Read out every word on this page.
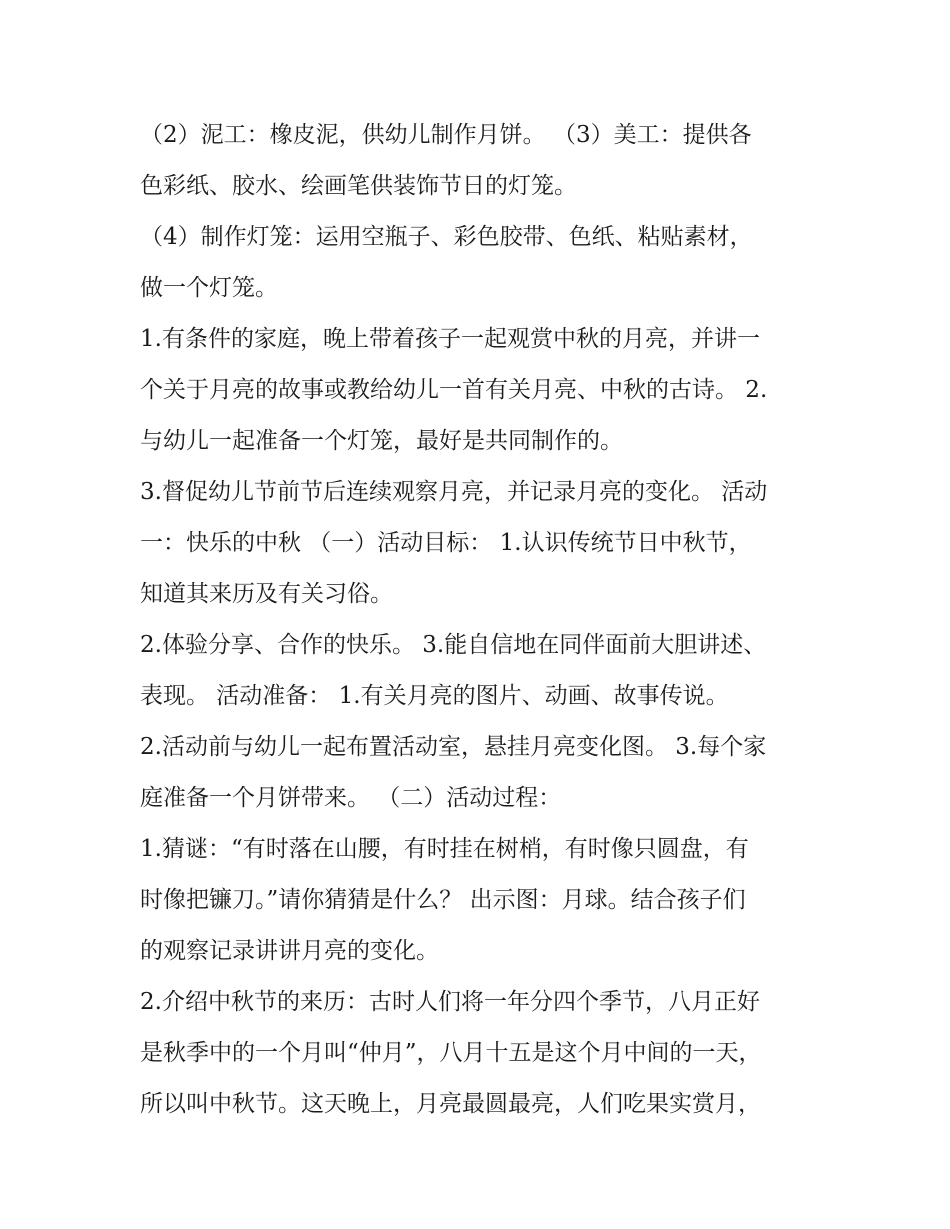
（2）泥工：橡皮泥，供幼儿制作月饼。 （3）美工：提供各
色彩纸、胶水、绘画笔供装饰节日的灯笼。
（4）制作灯笼：运用空瓶子、彩色胶带、色纸、粘贴素材，
做一个灯笼。
1.有条件的家庭，晚上带着孩子一起观赏中秋的月亮，并讲一
个关于月亮的故事或教给幼儿一首有关月亮、中秋的古诗。 2.
与幼儿一起准备一个灯笼，最好是共同制作的。
3.督促幼儿节前节后连续观察月亮，并记录月亮的变化。 活动
一：快乐的中秋 （一）活动目标： 1.认识传统节日中秋节，
知道其来历及有关习俗。
2.体验分享、合作的快乐。 3.能自信地在同伴面前大胆讲述、
表现。 活动准备： 1.有关月亮的图片、动画、故事传说。
2.活动前与幼儿一起布置活动室，悬挂月亮变化图。 3.每个家
庭准备一个月饼带来。 （二）活动过程：
1.猜谜：“有时落在山腰，有时挂在树梢，有时像只圆盘，有
时像把镰刀。”请你猜猜是什么？ 出示图：月球。结合孩子们
的观察记录讲讲月亮的变化。
2.介绍中秋节的来历：古时人们将一年分四个季节，八月正好
是秋季中的一个月叫“仲月”，八月十五是这个月中间的一天，
所以叫中秋节。这天晚上，月亮最圆最亮，人们吃果实赏月，
